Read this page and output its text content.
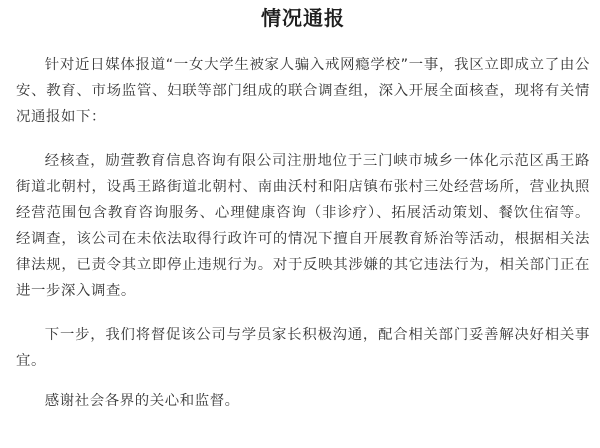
情况通报

针对近日媒体报道“一女大学生被家人骗入戒网瘾学校”一事，我区立即成立了由公安、教育、市场监管、妇联等部门组成的联合调查组，深入开展全面核查，现将有关情况通报如下：

经核查，励萱教育信息咨询有限公司注册地位于三门峡市城乡一体化示范区禹王路街道北朝村，设禹王路街道北朝村、南曲沃村和阳店镇布张村三处经营场所，营业执照经营范围包含教育咨询服务、心理健康咨询（非诊疗）、拓展活动策划、餐饮住宿等。经调查，该公司在未依法取得行政许可的情况下擅自开展教育矫治等活动，根据相关法律法规，已责令其立即停止违规行为。对于反映其涉嫌的其它违法行为，相关部门正在进一步深入调查。

下一步，我们将督促该公司与学员家长积极沟通，配合相关部门妥善解决好相关事宜。

感谢社会各界的关心和监督。
